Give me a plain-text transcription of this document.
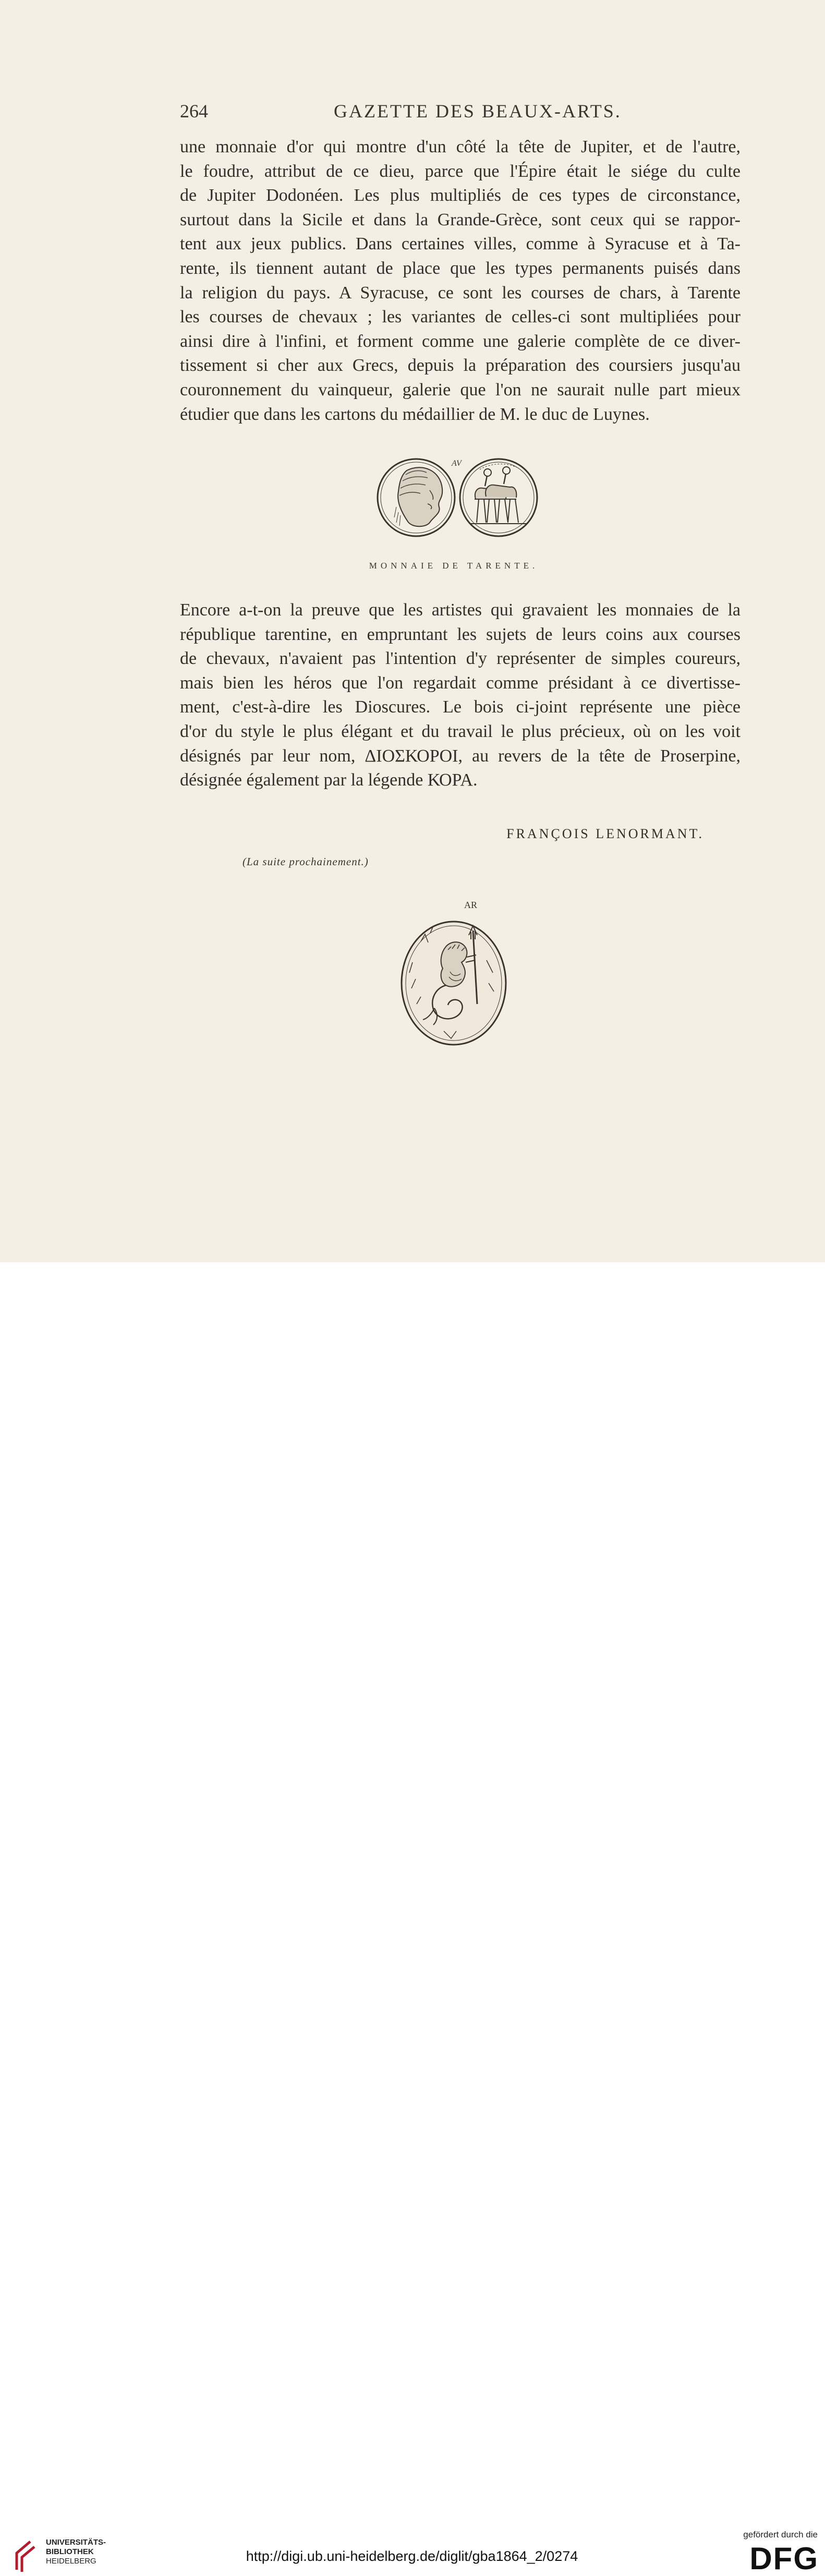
264	GAZETTE DES BEAUX-ARTS.
une monnaie d'or qui montre d'un côté la tête de Jupiter, et de l'autre,
le foudre, attribut de ce dieu, parce que l'Épire était le siége du culte
de Jupiter Dodonéen. Les plus multipliés de ces types de circonstance,
surtout dans la Sicile et dans la Grande-Grèce, sont ceux qui se rappor-
tent aux jeux publics. Dans certaines villes, comme à Syracuse et à Ta-
rente, ils tiennent autant de place que les types permanents puisés dans
la religion du pays. A Syracuse, ce sont les courses de chars, à Tarente
les courses de chevaux ; les variantes de celles-ci sont multipliées pour
ainsi dire à l'infini, et forment comme une galerie complète de ce diver-
tissement si cher aux Grecs, depuis la préparation des coursiers jusqu'au
couronnement du vainqueur, galerie que l'on ne saurait nulle part mieux
étudier que dans les cartons du médaillier de M. le duc de Luynes.
AV
MONNAIE DE TARENTE.
Encore a-t-on la preuve que les artistes qui gravaient les monnaies de la
république tarentine, en empruntant les sujets de leurs coins aux courses
de chevaux, n'avaient pas l'intention d'y représenter de simples coureurs,
mais bien les héros que l'on regardait comme présidant à ce divertisse-
ment, c'est-à-dire les Dioscures. Le bois ci-joint représente une pièce
d'or du style le plus élégant et du travail le plus précieux, où on les voit
désignés par leur nom, ΔΙΟΣΚΟΡΟΙ, au revers de la tête de Proserpine,
désignée également par la légende ΚΟΡΑ.
FRANÇOIS LENORMANT.
(La suite prochainement.)
AR
UNIVERSITÄTS-
BIBLIOTHEK
HEIDELBERG	http://digi.ub.uni-heidelberg.de/diglit/gba1864_2/0274
gefördert durch die
DFG
